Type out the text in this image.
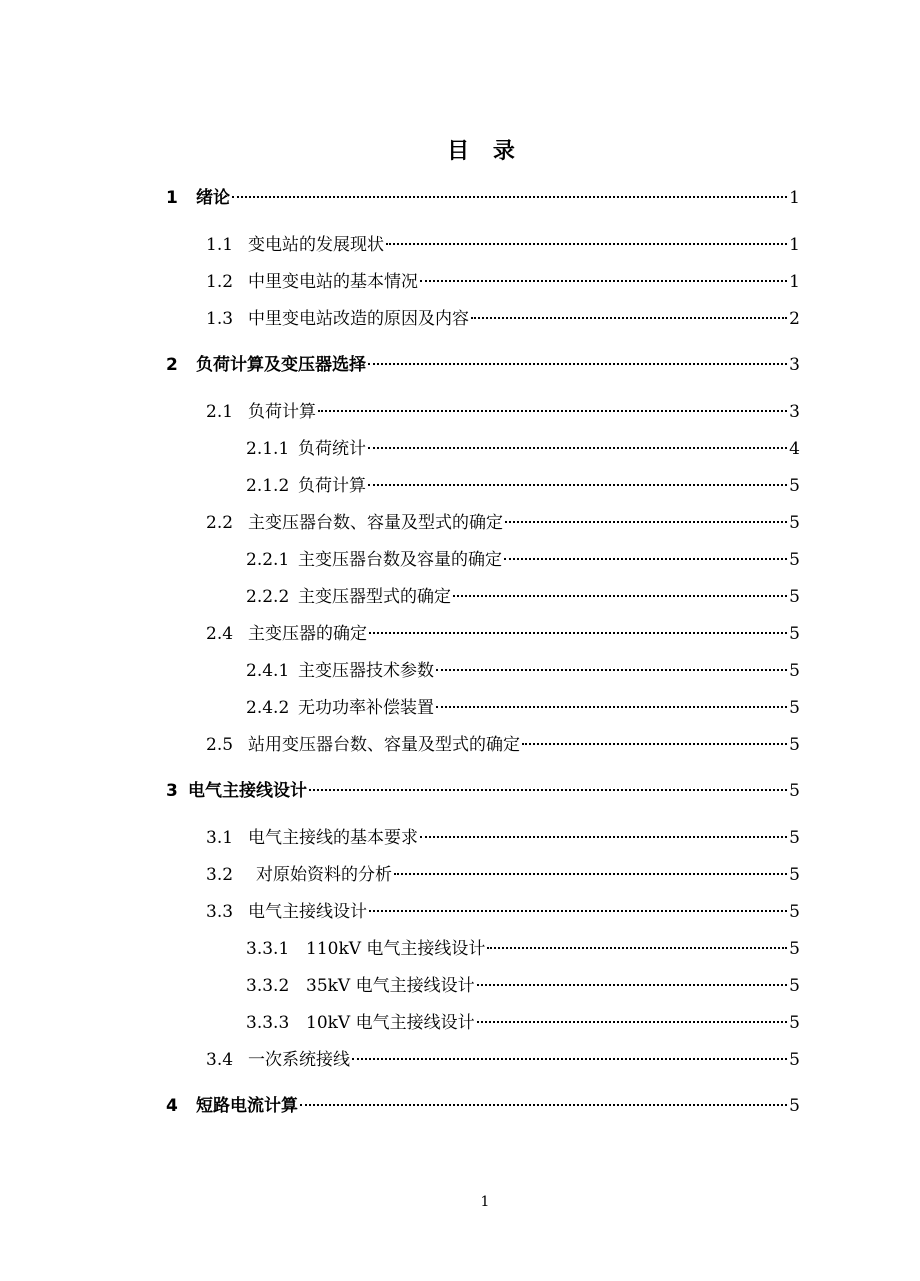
目 录
1	绪论	1
1.1 变电站的发展现状	1
1.2 中里变电站的基本情况	1
1.3 中里变电站改造的原因及内容	2
2	负荷计算及变压器选择	3
2.1 负荷计算	3
2.1.1 负荷统计	4
2.1.2 负荷计算	5
2.2 主变压器台数、容量及型式的确定	5
2.2.1 主变压器台数及容量的确定	5
2.2.2 主变压器型式的确定	5
2.4 主变压器的确定	5
2.4.1 主变压器技术参数	5
2.4.2 无功功率补偿装置	5
2.5 站用变压器台数、容量及型式的确定	5
3 电气主接线设计	5
3.1 电气主接线的基本要求	5
3.2	对原始资料的分析	5
3.3 电气主接线设计	5
3.3.1 110kV 电气主接线设计	5
3.3.2 35kV 电气主接线设计	5
3.3.3 10kV 电气主接线设计	5
3.4 一次系统接线	5
4	短路电流计算	5
1
